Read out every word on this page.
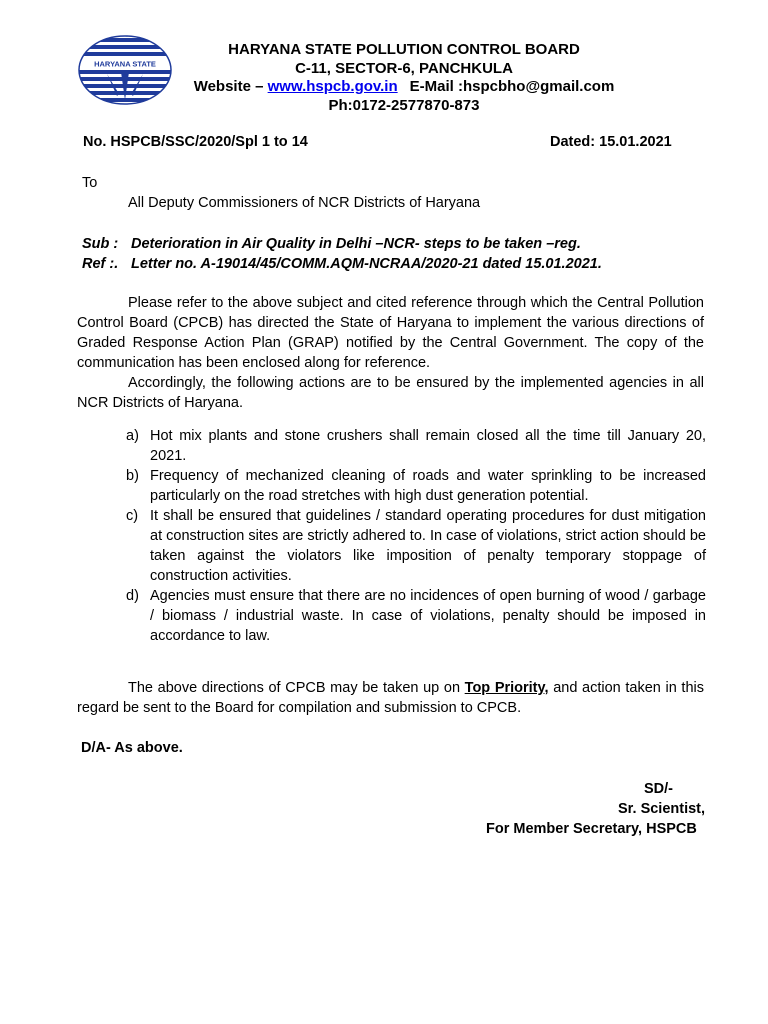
HARYANA STATE
HARYANA STATE POLLUTION CONTROL BOARD
C-11, SECTOR-6, PANCHKULA
Website – www.hspcb.gov.in E-Mail :hspcbho@gmail.com
Ph:0172-2577870-873
No. HSPCB/SSC/2020/Spl 1 to 14	Dated: 15.01.2021
To
All Deputy Commissioners of NCR Districts of Haryana
Sub : Deterioration in Air Quality in Delhi –NCR- steps to be taken –reg.
Ref :. Letter no. A-19014/45/COMM.AQM-NCRAA/2020-21 dated 15.01.2021.
Please refer to the above subject and cited reference through which the Central Pollution Control Board (CPCB) has directed the State of Haryana to implement the various directions of Graded Response Action Plan (GRAP) notified by the Central Government. The copy of the communication has been enclosed along for reference.
Accordingly, the following actions are to be ensured by the implemented agencies in all NCR Districts of Haryana.
a) Hot mix plants and stone crushers shall remain closed all the time till January 20, 2021.
b) Frequency of mechanized cleaning of roads and water sprinkling to be increased particularly on the road stretches with high dust generation potential.
c) It shall be ensured that guidelines / standard operating procedures for dust mitigation at construction sites are strictly adhered to. In case of violations, strict action should be taken against the violators like imposition of penalty temporary stoppage of construction activities.
d) Agencies must ensure that there are no incidences of open burning of wood / garbage / biomass / industrial waste. In case of violations, penalty should be imposed in accordance to law.
The above directions of CPCB may be taken up on Top Priority, and action taken in this regard be sent to the Board for compilation and submission to CPCB.
D/A- As above.
SD/-
Sr. Scientist,
For Member Secretary, HSPCB
